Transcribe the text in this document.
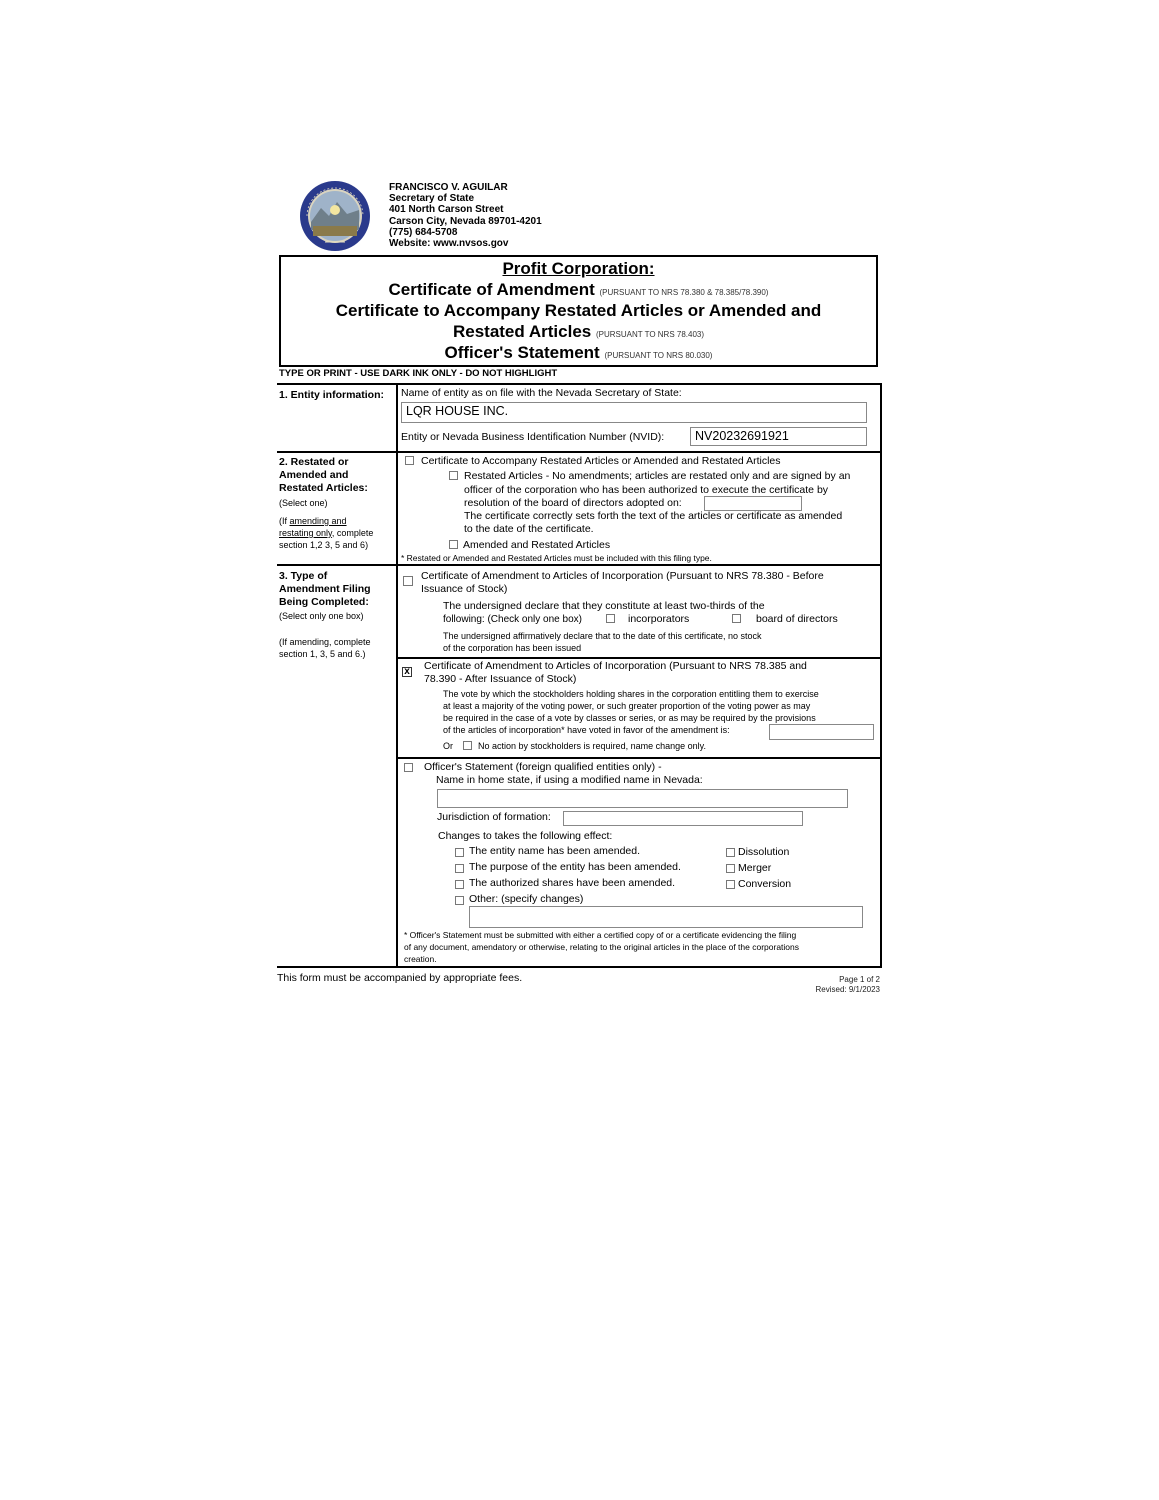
FRANCISCO V. AGUILAR
Secretary of State
401 North Carson Street
Carson City, Nevada 89701-4201
(775) 684-5708
Website: www.nvsos.gov
Profit Corporation:
Certificate of Amendment (PURSUANT TO NRS 78.380 & 78.385/78.390)
Certificate to Accompany Restated Articles or Amended and
Restated Articles (PURSUANT TO NRS 78.403)
Officer's Statement (PURSUANT TO NRS 80.030)
TYPE OR PRINT - USE DARK INK ONLY - DO NOT HIGHLIGHT
1. Entity information: Name of entity as on file with the Nevada Secretary of State:
LQR HOUSE INC.
Entity or Nevada Business Identification Number (NVID):	NV20232691921
2. Restated or
Amended and
Restated Articles:
(Select one)
(If amending and
restating only, complete
section 1,2 3, 5 and 6)
Certificate to Accompany Restated Articles or Amended and Restated Articles
Restated Articles - No amendments; articles are restated only and are signed by an
officer of the corporation who has been authorized to execute the certificate by
resolution of the board of directors adopted on:
The certificate correctly sets forth the text of the articles or certificate as amended
to the date of the certificate.
Amended and Restated Articles
* Restated or Amended and Restated Articles must be included with this filing type.
3. Type of
Amendment Filing
Being Completed:
(Select only one box)
(If amending, complete
section 1, 3, 5 and 6.)
Certificate of Amendment to Articles of Incorporation (Pursuant to NRS 78.380 - Before
Issuance of Stock)
The undersigned declare that they constitute at least two-thirds of the
following: (Check only one box)	incorporators	board of directors
The undersigned affirmatively declare that to the date of this certificate, no stock
of the corporation has been issued
x Certificate of Amendment to Articles of Incorporation (Pursuant to NRS 78.385 and
78.390 - After Issuance of Stock)
The vote by which the stockholders holding shares in the corporation entitling them to exercise
at least a majority of the voting power, or such greater proportion of the voting power as may
be required in the case of a vote by classes or series, or as may be required by the provisions
of the articles of incorporation* have voted in favor of the amendment is:
Or	No action by stockholders is required, name change only.
Officer's Statement (foreign qualified entities only) -
Name in home state, if using a modified name in Nevada:
Jurisdiction of formation:
Changes to takes the following effect:
The entity name has been amended.
The purpose of the entity has been amended.
The authorized shares have been amended.
Other: (specify changes)
Dissolution
Merger
Conversion
* Officer's Statement must be submitted with either a certified copy of or a certificate evidencing the filing
of any document, amendatory or otherwise, relating to the original articles in the place of the corporations
creation.
This form must be accompanied by appropriate fees.	Page 1 of 2
Revised: 9/1/2023
